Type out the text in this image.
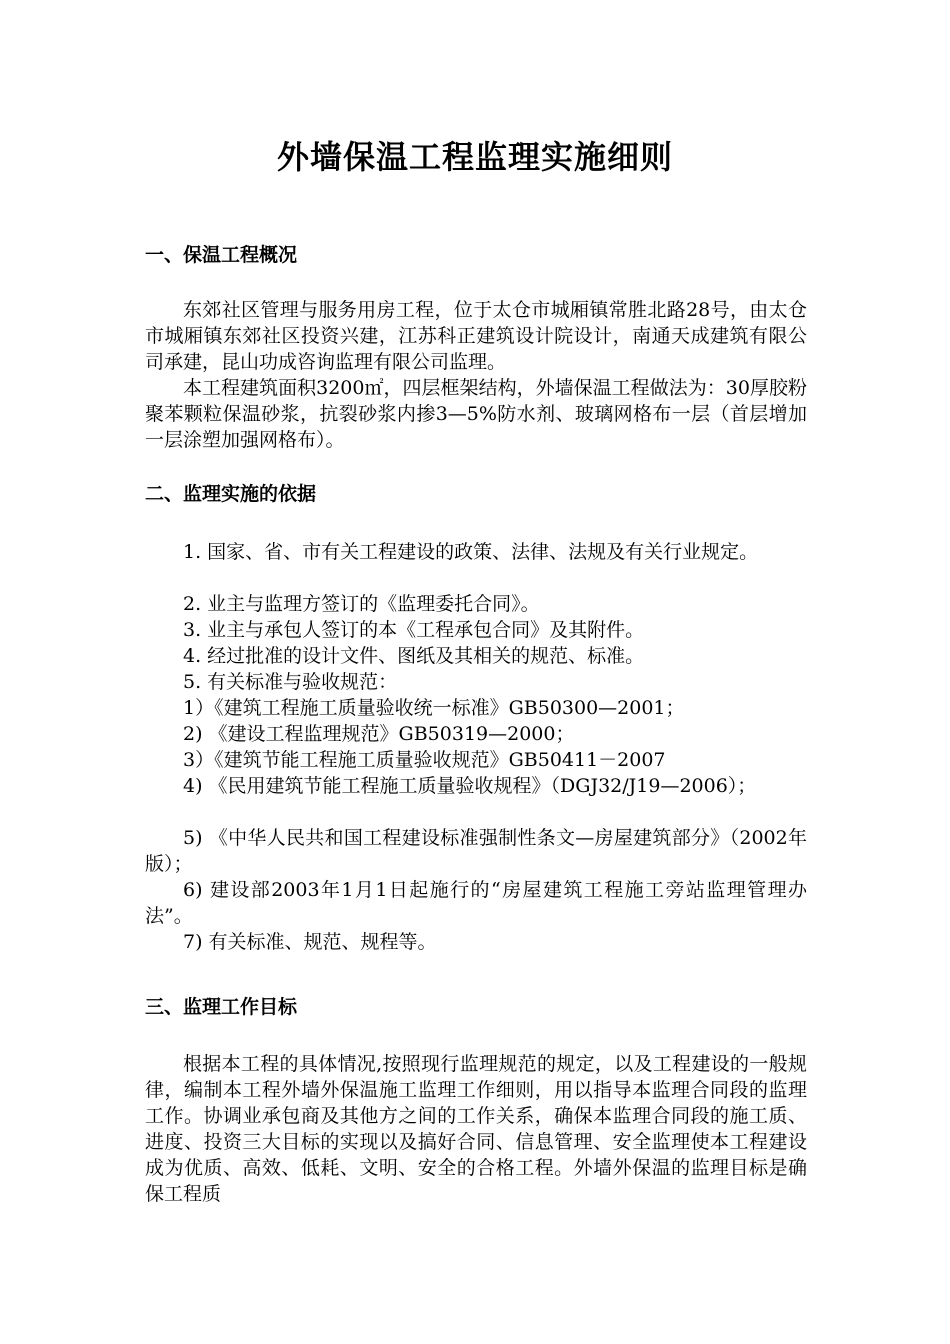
外墙保温工程监理实施细则
一、保温工程概况

东郊社区管理与服务用房工程，位于太仓市城厢镇常胜北路28号，由太仓市城厢镇东郊社区投资兴建，江苏科正建筑设计院设计，南通天成建筑有限公司承建，昆山功成咨询监理有限公司监理。

本工程建筑面积3200㎡，四层框架结构，外墙保温工程做法为：30厚胶粉聚苯颗粒保温砂浆，抗裂砂浆内掺3—5%防水剂、玻璃网格布一层（首层增加一层涂塑加强网格布）。

二、监理实施的依据

1. 国家、省、市有关工程建设的政策、法律、法规及有关行业规定。

2. 业主与监理方签订的《监理委托合同》。

3. 业主与承包人签订的本《工程承包合同》及其附件。

4. 经过批准的设计文件、图纸及其相关的规范、标准。

5. 有关标准与验收规范：

1）《建筑工程施工质量验收统一标准》GB50300—2001；

2) 《建设工程监理规范》GB50319—2000；

3）《建筑节能工程施工质量验收规范》GB50411－2007

4) 《民用建筑节能工程施工质量验收规程》（DGJ32/J19—2006）；

5) 《中华人民共和国工程建设标准强制性条文—房屋建筑部分》（2002年版）；

6) 建设部2003年1月1日起施行的“房屋建筑工程施工旁站监理管理办法”。

7) 有关标准、规范、规程等。

三、监理工作目标

根据本工程的具体情况,按照现行监理规范的规定，以及工程建设的一般规律，编制本工程外墙外保温施工监理工作细则，用以指导本监理合同段的监理工作。协调业承包商及其他方之间的工作关系，确保本监理合同段的施工质、进度、投资三大目标的实现以及搞好合同、信息管理、安全监理使本工程建设成为优质、高效、低耗、文明、安全的合格工程。外墙外保温的监理目标是确保工程质
